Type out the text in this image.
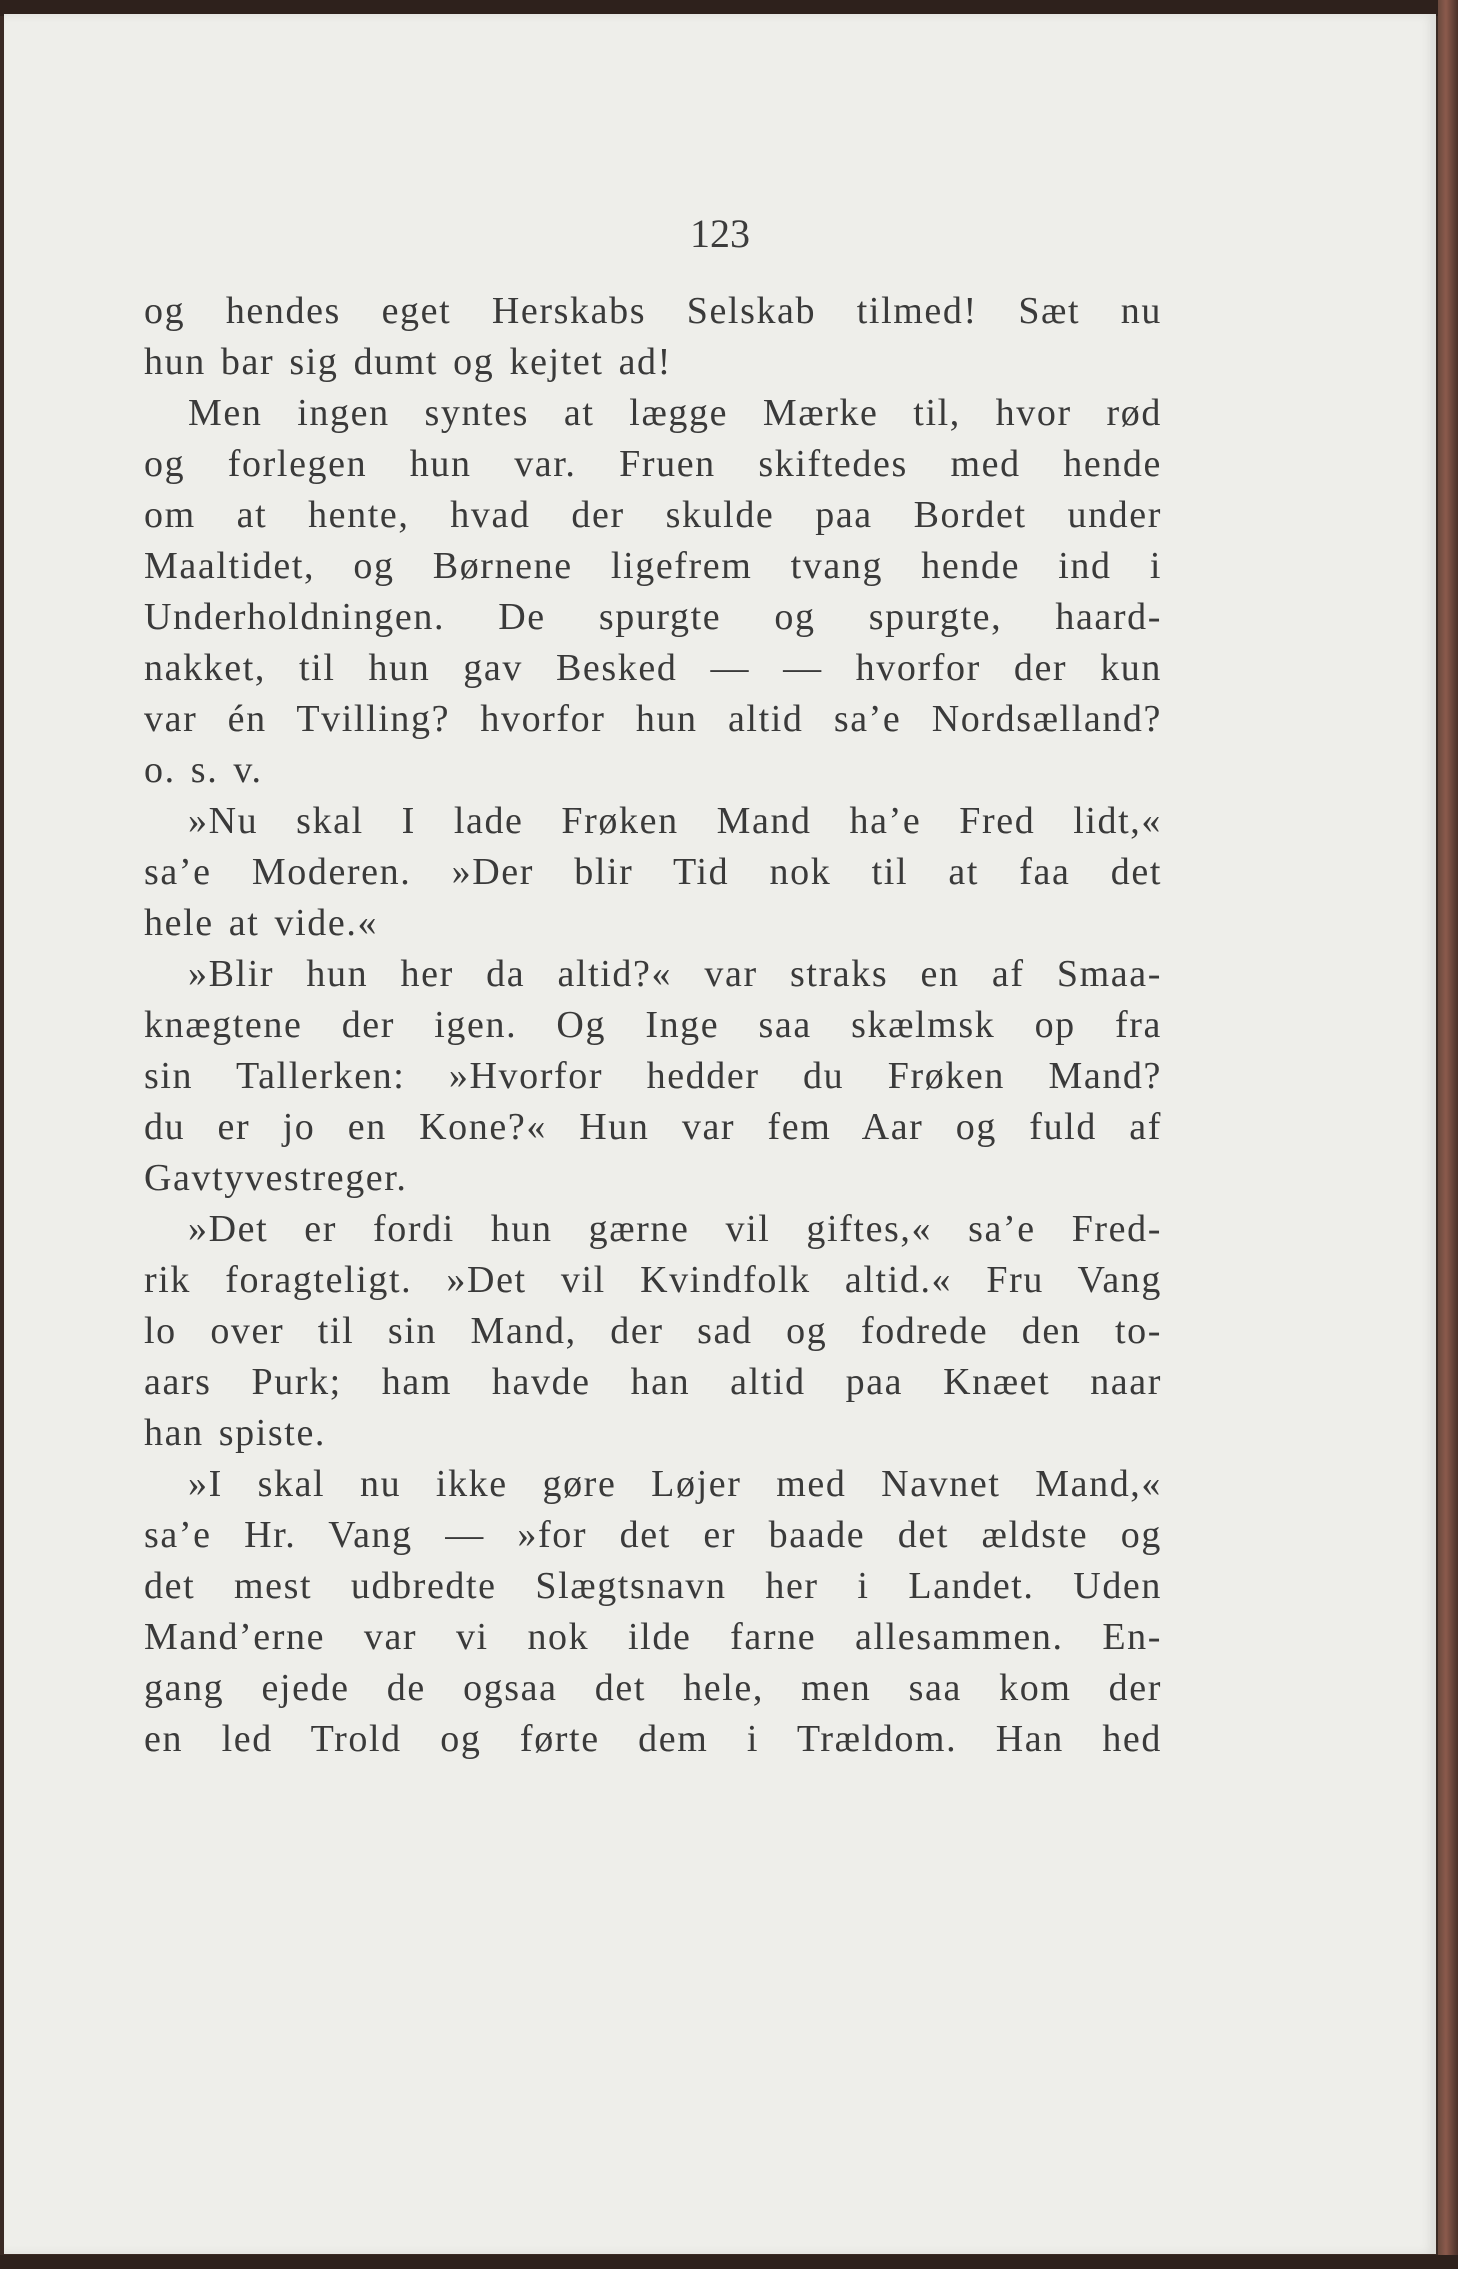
123
og hendes eget Herskabs Selskab tilmed! Sæt nu
hun bar sig dumt og kejtet ad!
Men ingen syntes at lægge Mærke til, hvor rød
og forlegen hun var. Fruen skiftedes med hende
om at hente, hvad der skulde paa Bordet under
Maaltidet, og Børnene ligefrem tvang hende ind i
Underholdningen. De spurgte og spurgte, haard-
nakket, til hun gav Besked — — hvorfor der kun
var én Tvilling? hvorfor hun altid sa’e Nordsælland?
o. s. v.
»Nu skal I lade Frøken Mand ha’e Fred lidt,«
sa’e Moderen. »Der blir Tid nok til at faa det
hele at vide.«
»Blir hun her da altid?« var straks en af Smaa-
knægtene der igen. Og Inge saa skælmsk op fra
sin Tallerken: »Hvorfor hedder du Frøken Mand?
du er jo en Kone?« Hun var fem Aar og fuld af
Gavtyvestreger.
»Det er fordi hun gærne vil giftes,« sa’e Fred-
rik foragteligt. »Det vil Kvindfolk altid.« Fru Vang
lo over til sin Mand, der sad og fodrede den to-
aars Purk; ham havde han altid paa Knæet naar
han spiste.
»I skal nu ikke gøre Løjer med Navnet Mand,«
sa’e Hr. Vang — »for det er baade det ældste og
det mest udbredte Slægtsnavn her i Landet. Uden
Mand’erne var vi nok ilde farne allesammen. En-
gang ejede de ogsaa det hele, men saa kom der
en led Trold og førte dem i Trældom. Han hed
